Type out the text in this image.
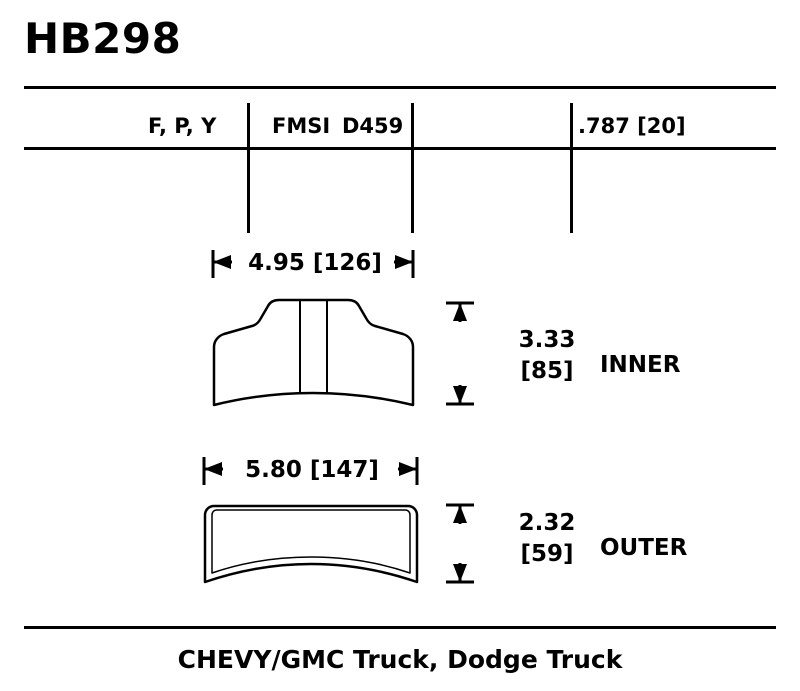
HB298
F, P, Y	FMSI D459	.787 [20]
4.95 [126]
3.33
[85]	INNER
5.80 [147]
2.32
[59]	OUTER
CHEVY/GMC Truck, Dodge Truck
